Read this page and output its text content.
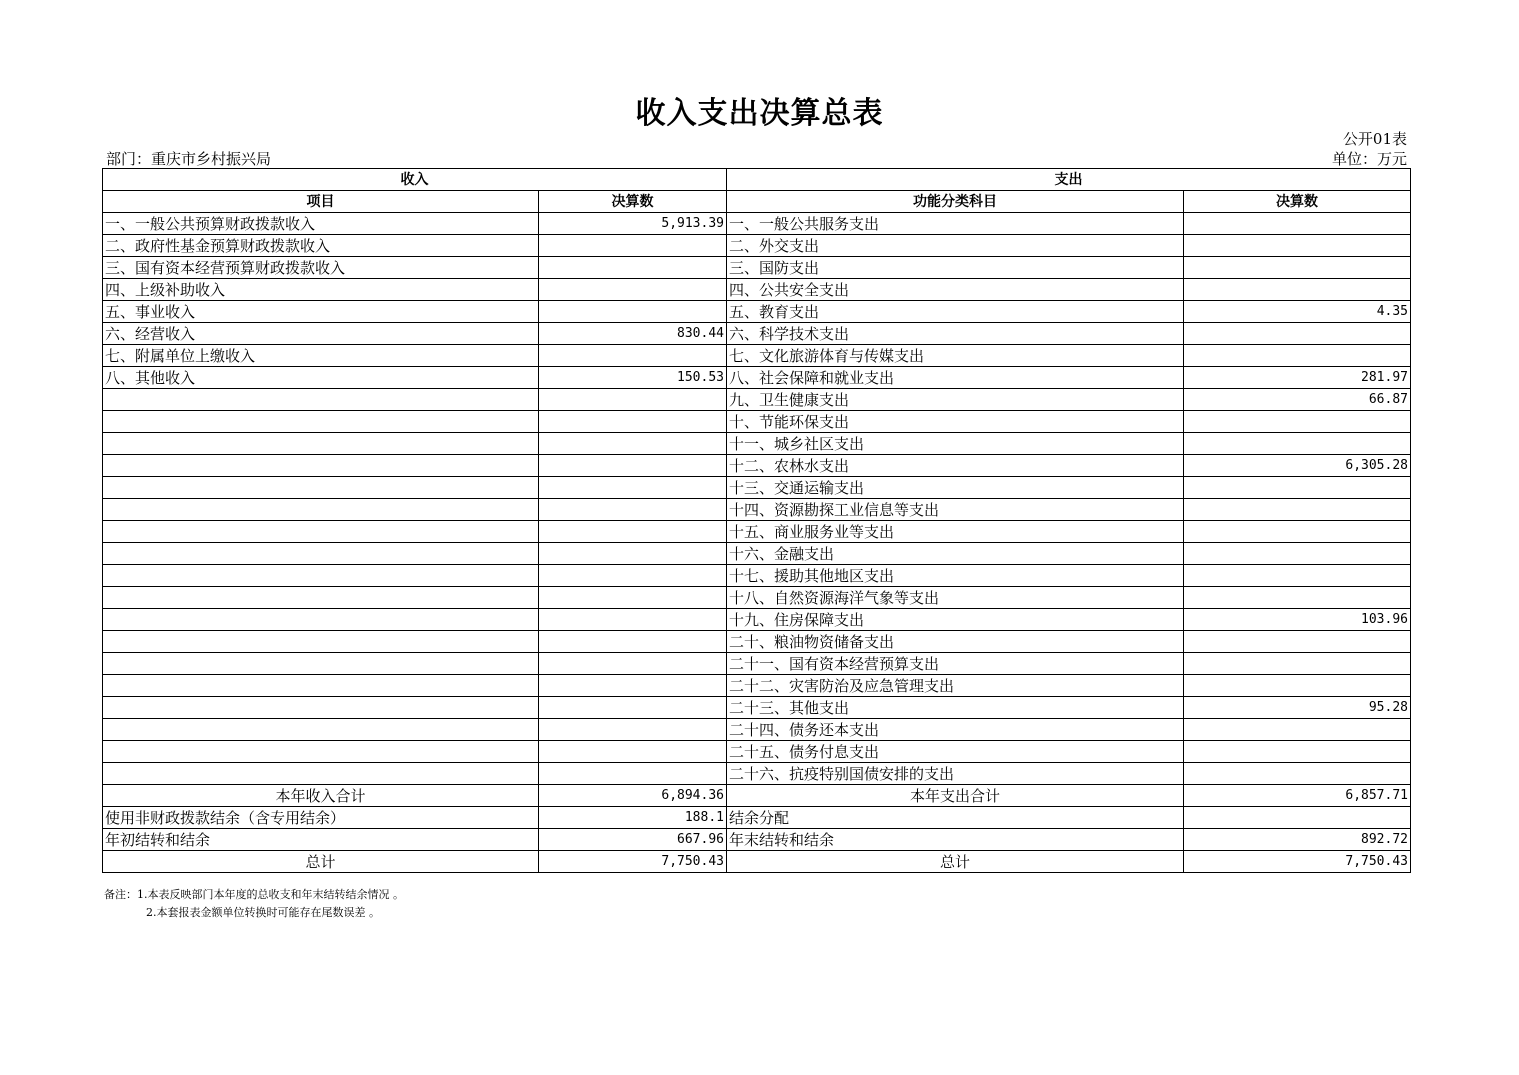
收入支出决算总表
公开01表
部门：重庆市乡村振兴局	单位：万元
收入		支出	
项目	决算数	功能分类科目	决算数
一、一般公共预算财政拨款收入	5,913.39	一、一般公共服务支出	
二、政府性基金预算财政拨款收入		二、外交支出	
三、国有资本经营预算财政拨款收入		三、国防支出	
四、上级补助收入		四、公共安全支出	
五、事业收入		五、教育支出	4.35
六、经营收入	830.44	六、科学技术支出	
七、附属单位上缴收入		七、文化旅游体育与传媒支出	
八、其他收入	150.53	八、社会保障和就业支出	281.97
		九、卫生健康支出	66.87
		十、节能环保支出	
		十一、城乡社区支出	
		十二、农林水支出	6,305.28
		十三、交通运输支出	
		十四、资源勘探工业信息等支出	
		十五、商业服务业等支出	
		十六、金融支出	
		十七、援助其他地区支出	
		十八、自然资源海洋气象等支出	
		十九、住房保障支出	103.96
		二十、粮油物资储备支出	
		二十一、国有资本经营预算支出	
		二十二、灾害防治及应急管理支出	
		二十三、其他支出	95.28
		二十四、债务还本支出	
		二十五、债务付息支出	
		二十六、抗疫特别国债安排的支出	
本年收入合计	6,894.36	本年支出合计	6,857.71
使用非财政拨款结余（含专用结余）	188.1	结余分配	
年初结转和结余	667.96	年末结转和结余	892.72
总计	7,750.43	总计	7,750.43
备注：1.本表反映部门本年度的总收支和年末结转结余情况 。
2.本套报表金额单位转换时可能存在尾数误差 。
